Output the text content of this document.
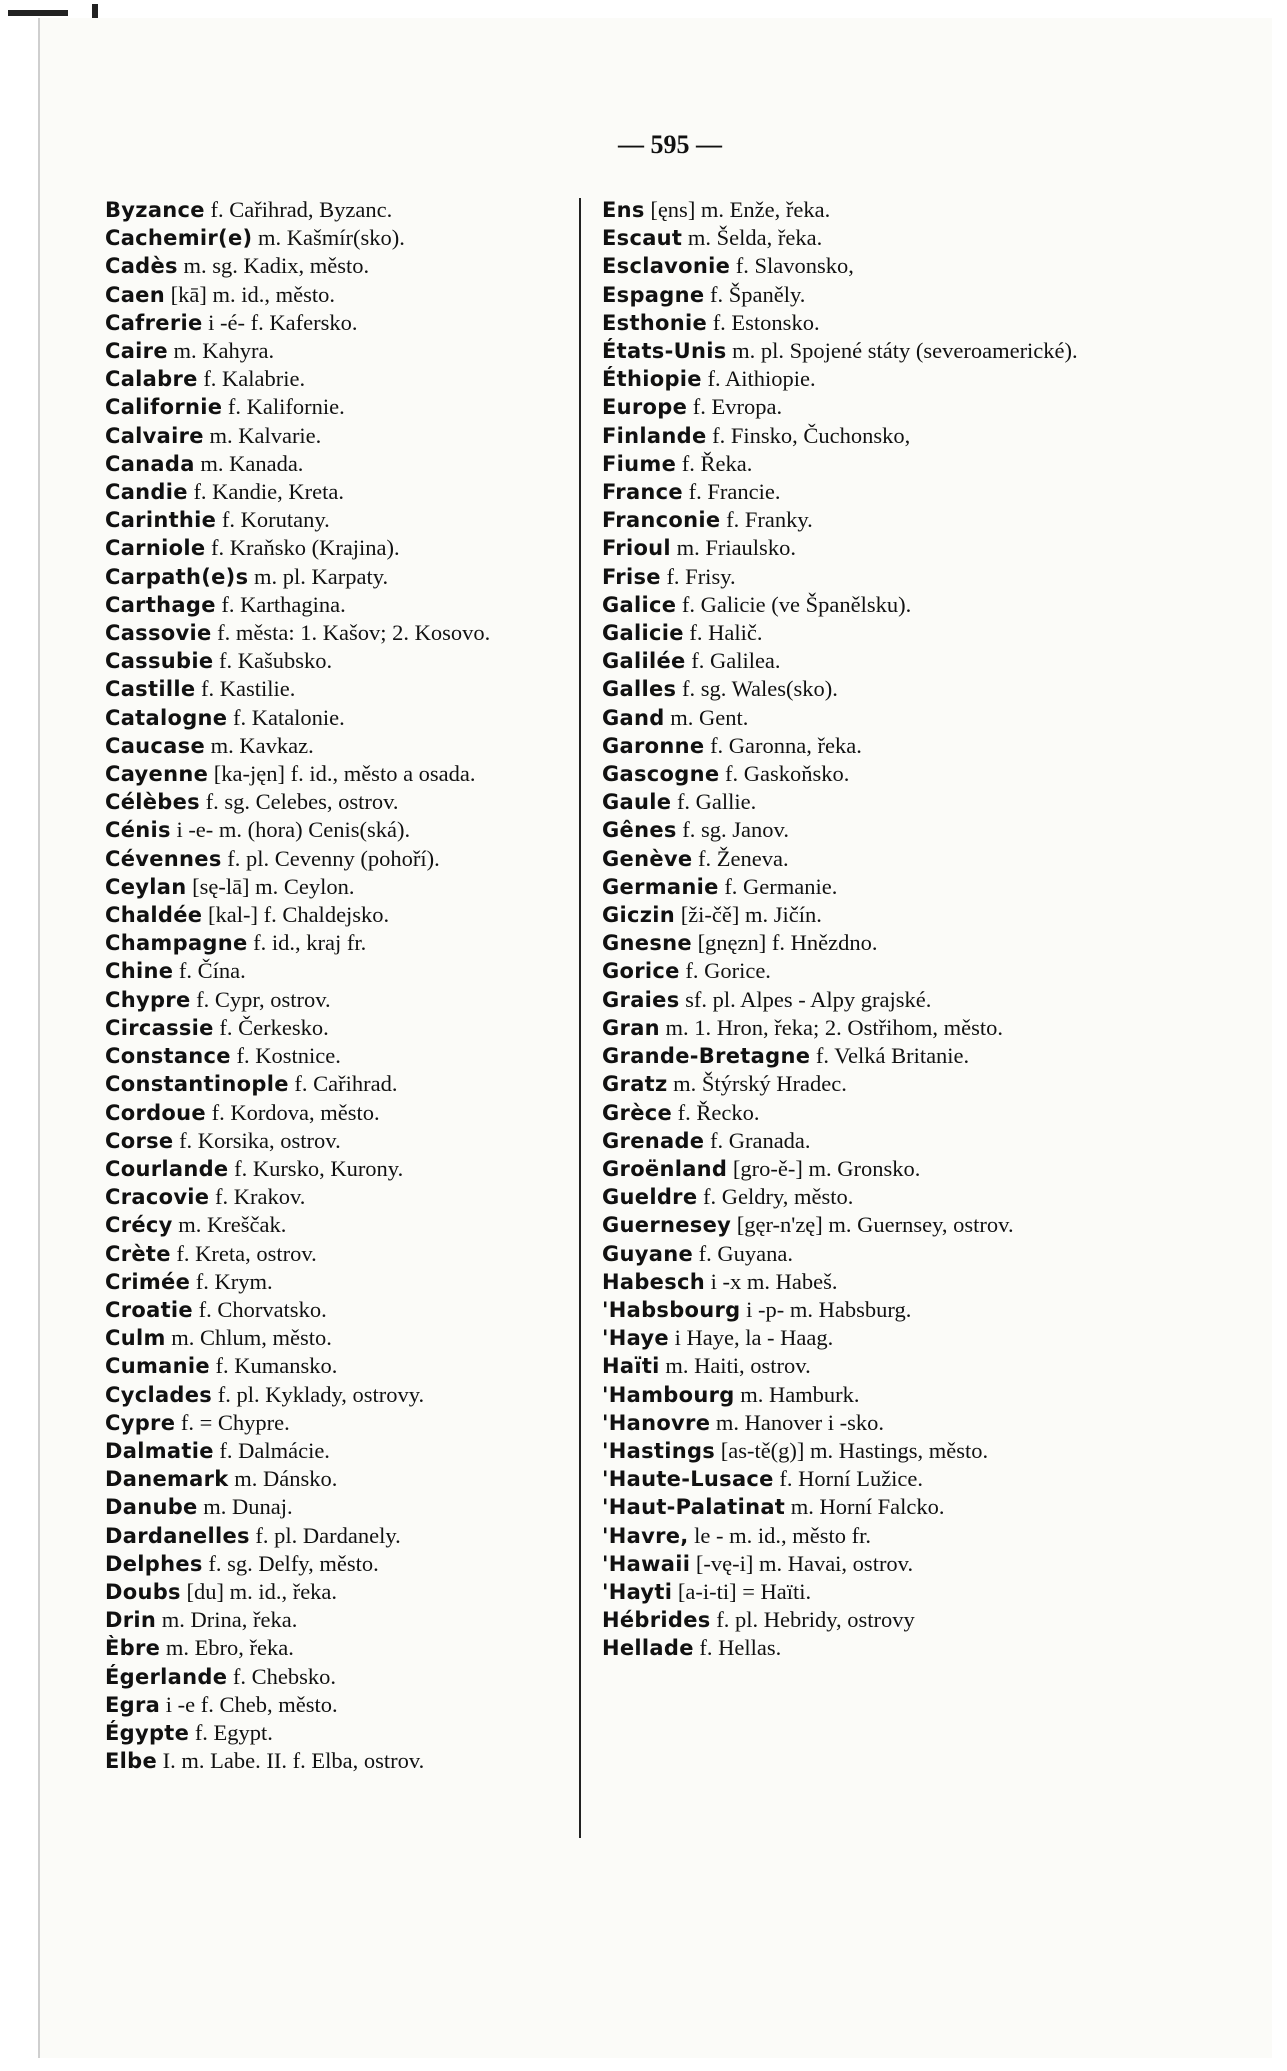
— 595 —
Byzance f. Cařihrad, Byzanc.
Cachemir(e) m. Kašmír(sko).
Cadès m. sg. Kadix, město.
Caen [kā] m. id., město.
Cafrerie i -é- f. Kafersko.
Caire m. Kahyra.
Calabre f. Kalabrie.
Californie f. Kalifornie.
Calvaire m. Kalvarie.
Canada m. Kanada.
Candie f. Kandie, Kreta.
Carinthie f. Korutany.
Carniole f. Kraňsko (Krajina).
Carpath(e)s m. pl. Karpaty.
Carthage f. Karthagina.
Cassovie f. města: 1. Kašov; 2. Kosovo.
Cassubie f. Kašubsko.
Castille f. Kastilie.
Catalogne f. Katalonie.
Caucase m. Kavkaz.
Cayenne [ka-jęn] f. id., město a osada.
Célèbes f. sg. Celebes, ostrov.
Cénis i -e- m. (hora) Cenis(ská).
Cévennes f. pl. Cevenny (pohoří).
Ceylan [sę-lā] m. Ceylon.
Chaldée [kal-] f. Chaldejsko.
Champagne f. id., kraj fr.
Chine f. Čína.
Chypre f. Cypr, ostrov.
Circassie f. Čerkesko.
Constance f. Kostnice.
Constantinople f. Cařihrad.
Cordoue f. Kordova, město.
Corse f. Korsika, ostrov.
Courlande f. Kursko, Kurony.
Cracovie f. Krakov.
Crécy m. Kreščak.
Crète f. Kreta, ostrov.
Crimée f. Krym.
Croatie f. Chorvatsko.
Culm m. Chlum, město.
Cumanie f. Kumansko.
Cyclades f. pl. Kyklady, ostrovy.
Cypre f. = Chypre.
Dalmatie f. Dalmácie.
Danemark m. Dánsko.
Danube m. Dunaj.
Dardanelles f. pl. Dardanely.
Delphes f. sg. Delfy, město.
Doubs [du] m. id., řeka.
Drin m. Drina, řeka.
Èbre m. Ebro, řeka.
Égerlande f. Chebsko.
Egra i -e f. Cheb, město.
Égypte f. Egypt.
Elbe I. m. Labe. II. f. Elba, ostrov.
Ens [ęns] m. Enže, řeka.
Escaut m. Šelda, řeka.
Esclavonie f. Slavonsko,
Espagne f. Španěly.
Esthonie f. Estonsko.
États-Unis m. pl. Spojené státy (severoamerické).
Éthiopie f. Aithiopie.
Europe f. Evropa.
Finlande f. Finsko, Čuchonsko,
Fiume f. Řeka.
France f. Francie.
Franconie f. Franky.
Frioul m. Friaulsko.
Frise f. Frisy.
Galice f. Galicie (ve Španělsku).
Galicie f. Halič.
Galilée f. Galilea.
Galles f. sg. Wales(sko).
Gand m. Gent.
Garonne f. Garonna, řeka.
Gascogne f. Gaskoňsko.
Gaule f. Gallie.
Gênes f. sg. Janov.
Genève f. Ženeva.
Germanie f. Germanie.
Giczin [ži-čě] m. Jičín.
Gnesne [gnęzn] f. Hnězdno.
Gorice f. Gorice.
Graies sf. pl. Alpes - Alpy grajské.
Gran m. 1. Hron, řeka; 2. Ostřihom, město.
Grande-Bretagne f. Velká Britanie.
Gratz m. Štýrský Hradec.
Grèce f. Řecko.
Grenade f. Granada.
Groënland [gro-ě-] m. Gronsko.
Gueldre f. Geldry, město.
Guernesey [gęr-n'zę] m. Guernsey, ostrov.
Guyane f. Guyana.
Habesch i -x m. Habeš.
'Habsbourg i -p- m. Habsburg.
'Haye i Haye, la - Haag.
Haïti m. Haiti, ostrov.
'Hambourg m. Hamburk.
'Hanovre m. Hanover i -sko.
'Hastings [as-tě(g)] m. Hastings, město.
'Haute-Lusace f. Horní Lužice.
'Haut-Palatinat m. Horní Falcko.
'Havre, le - m. id., město fr.
'Hawaii [-vę-i] m. Havai, ostrov.
'Hayti [a-i-ti] = Haïti.
Hébrides f. pl. Hebridy, ostrovy
Hellade f. Hellas.
